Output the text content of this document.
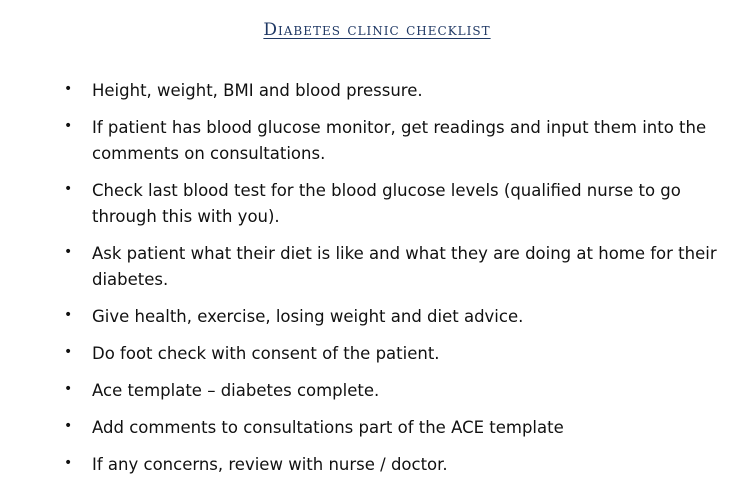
Diabetes clinic checklist
• Height, weight, BMI and blood pressure.
• If patient has blood glucose monitor, get readings and input them into the comments on consultations.
• Check last blood test for the blood glucose levels (qualified nurse to go through this with you).
• Ask patient what their diet is like and what they are doing at home for their diabetes.
• Give health, exercise, losing weight and diet advice.
• Do foot check with consent of the patient.
• Ace template – diabetes complete.
• Add comments to consultations part of the ACE template
• If any concerns, review with nurse / doctor.
